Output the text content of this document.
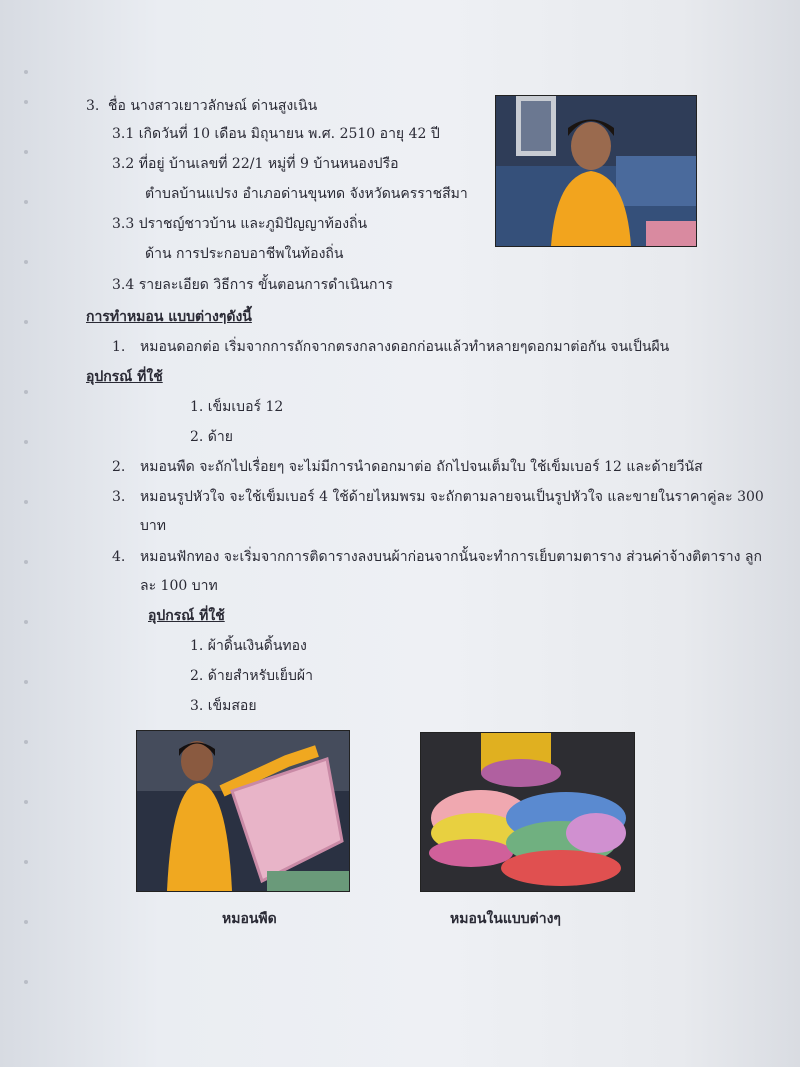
3. ชื่อ นางสาวเยาวลักษณ์ ด่านสูงเนิน
3.1 เกิดวันที่ 10 เดือน มิถุนายน พ.ศ. 2510 อายุ 42 ปี
3.2 ที่อยู่ บ้านเลขที่ 22/1 หมู่ที่ 9 บ้านหนองปรือ
ตำบลบ้านแปรง อำเภอด่านขุนทด จังหวัดนครราชสีมา
3.3 ปราชญ์ชาวบ้าน และภูมิปัญญาท้องถิ่น
ด้าน การประกอบอาชีพในท้องถิ่น
3.4 รายละเอียด วิธีการ ขั้นตอนการดำเนินการ
การทำหมอน แบบต่างๆดังนี้
1. หมอนดอกต่อ เริ่มจากการถักจากตรงกลางดอกก่อนแล้วทำหลายๆดอกมาต่อกัน จนเป็นผืน
อุปกรณ์ ที่ใช้
1. เข็มเบอร์ 12
2. ด้าย
2. หมอนพืด จะถักไปเรื่อยๆ จะไม่มีการนำดอกมาต่อ ถักไปจนเต็มใบ ใช้เข็มเบอร์ 12 และด้ายวีนัส
3. หมอนรูปหัวใจ จะใช้เข็มเบอร์ 4 ใช้ด้ายไหมพรม จะถักตามลายจนเป็นรูปหัวใจ และขายในราคาคู่ละ 300
บาท
4. หมอนฟักทอง จะเริ่มจากการติดารางลงบนผ้าก่อนจากนั้นจะทำการเย็บตามตาราง ส่วนค่าจ้างติตาราง ลูก
ละ 100 บาท
อุปกรณ์ ที่ใช้
1. ผ้าดิ้นเงินดิ้นทอง
2. ด้ายสำหรับเย็บผ้า
3. เข็มสอย
หมอนพืด	หมอนในแบบต่างๆ
